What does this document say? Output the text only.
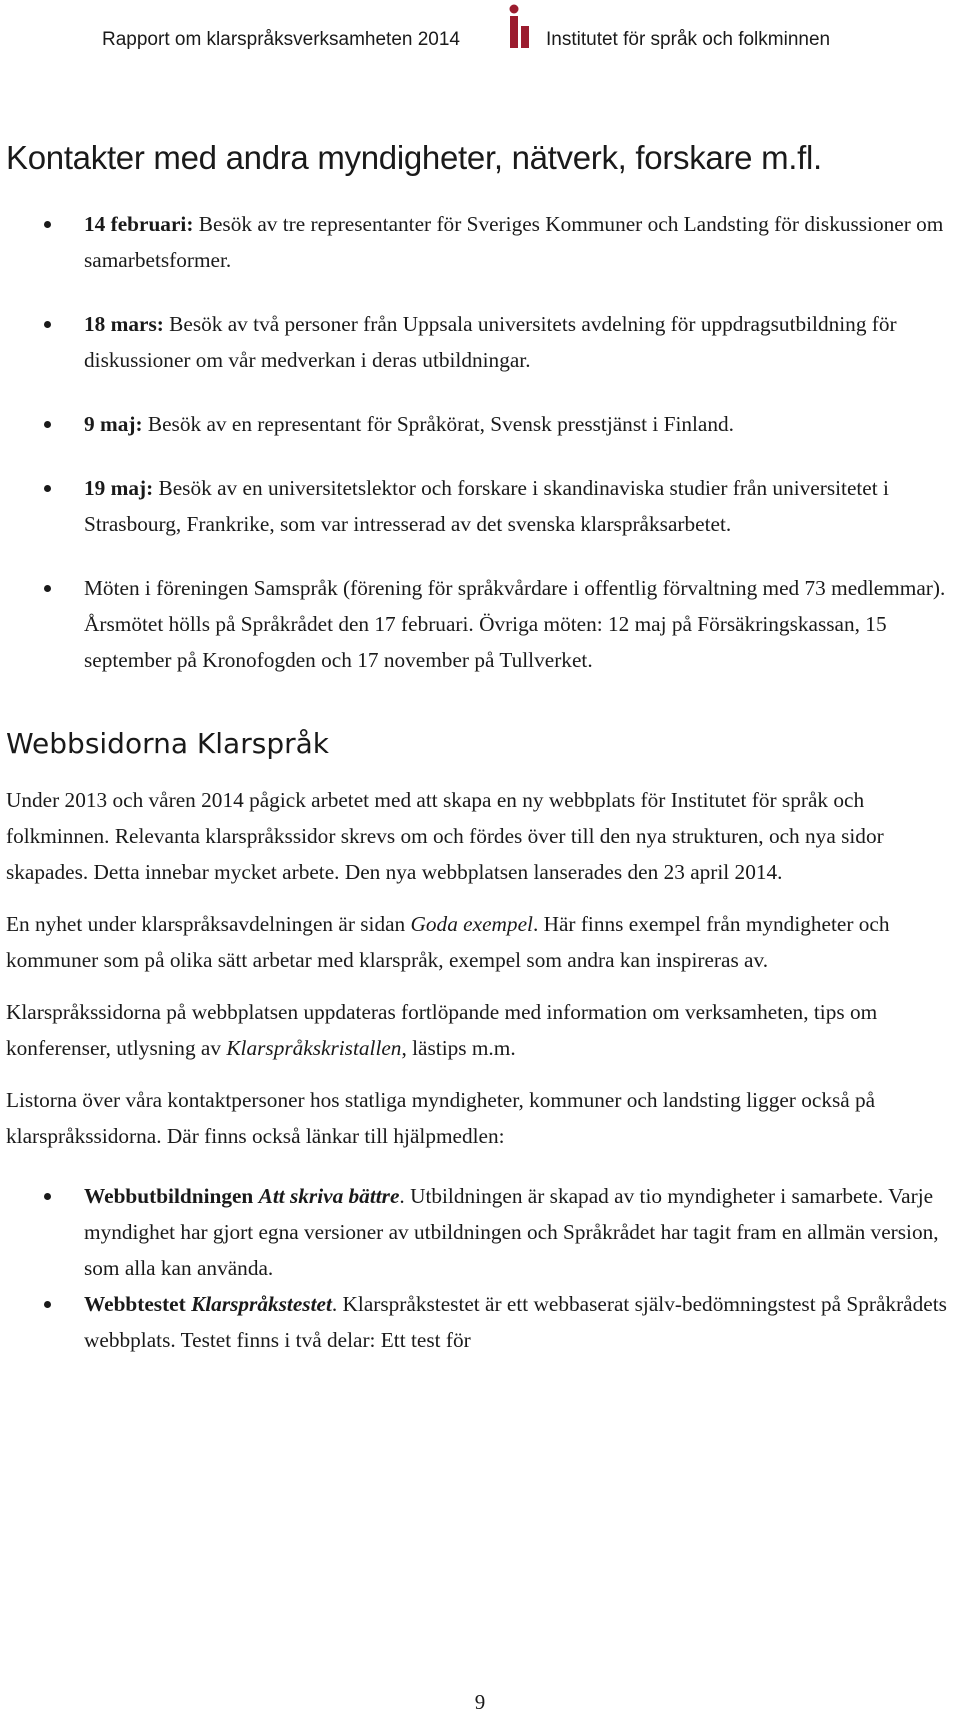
Rapport om klarspråksverksamheten 2014	Institutet för språk och folkminnen
Kontakter med andra myndigheter, nätverk, forskare m.fl.
14 februari: Besök av tre representanter för Sveriges Kommuner och Landsting för diskussioner om samarbetsformer.
18 mars: Besök av två personer från Uppsala universitets avdelning för uppdragsutbildning för diskussioner om vår medverkan i deras utbildningar.
9 maj: Besök av en representant för Språkörat, Svensk presstjänst i Finland.
19 maj: Besök av en universitetslektor och forskare i skandinaviska studier från universitetet i Strasbourg, Frankrike, som var intresserad av det svenska klarspråksarbetet.
Möten i föreningen Samspråk (förening för språkvårdare i offentlig förvaltning med 73 medlemmar). Årsmötet hölls på Språkrådet den 17 februari. Övriga möten: 12 maj på Försäkringskassan, 15 september på Kronofogden och 17 november på Tullverket.
Webbsidorna Klarspråk

Under 2013 och våren 2014 pågick arbetet med att skapa en ny webbplats för Institutet för språk och folkminnen. Relevanta klarspråkssidor skrevs om och fördes över till den nya strukturen, och nya sidor skapades. Detta innebar mycket arbete. Den nya webbplatsen lanserades den 23 april 2014.

En nyhet under klarspråksavdelningen är sidan Goda exempel. Här finns exempel från myndigheter och kommuner som på olika sätt arbetar med klarspråk, exempel som andra kan inspireras av.

Klarspråkssidorna på webbplatsen uppdateras fortlöpande med information om verksamheten, tips om konferenser, utlysning av Klarspråkskristallen, lästips m.m.

Listorna över våra kontaktpersoner hos statliga myndigheter, kommuner och landsting ligger också på klarspråkssidorna. Där finns också länkar till hjälpmedlen:

Webbutbildningen Att skriva bättre. Utbildningen är skapad av tio myndigheter i samarbete. Varje myndighet har gjort egna versioner av utbildningen och Språkrådet har tagit fram en allmän version, som alla kan använda.
Webbtestet Klarspråkstestet. Klarspråkstestet är ett webbaserat själv-bedömningstest på Språkrådets webbplats. Testet finns i två delar: Ett test för
9
